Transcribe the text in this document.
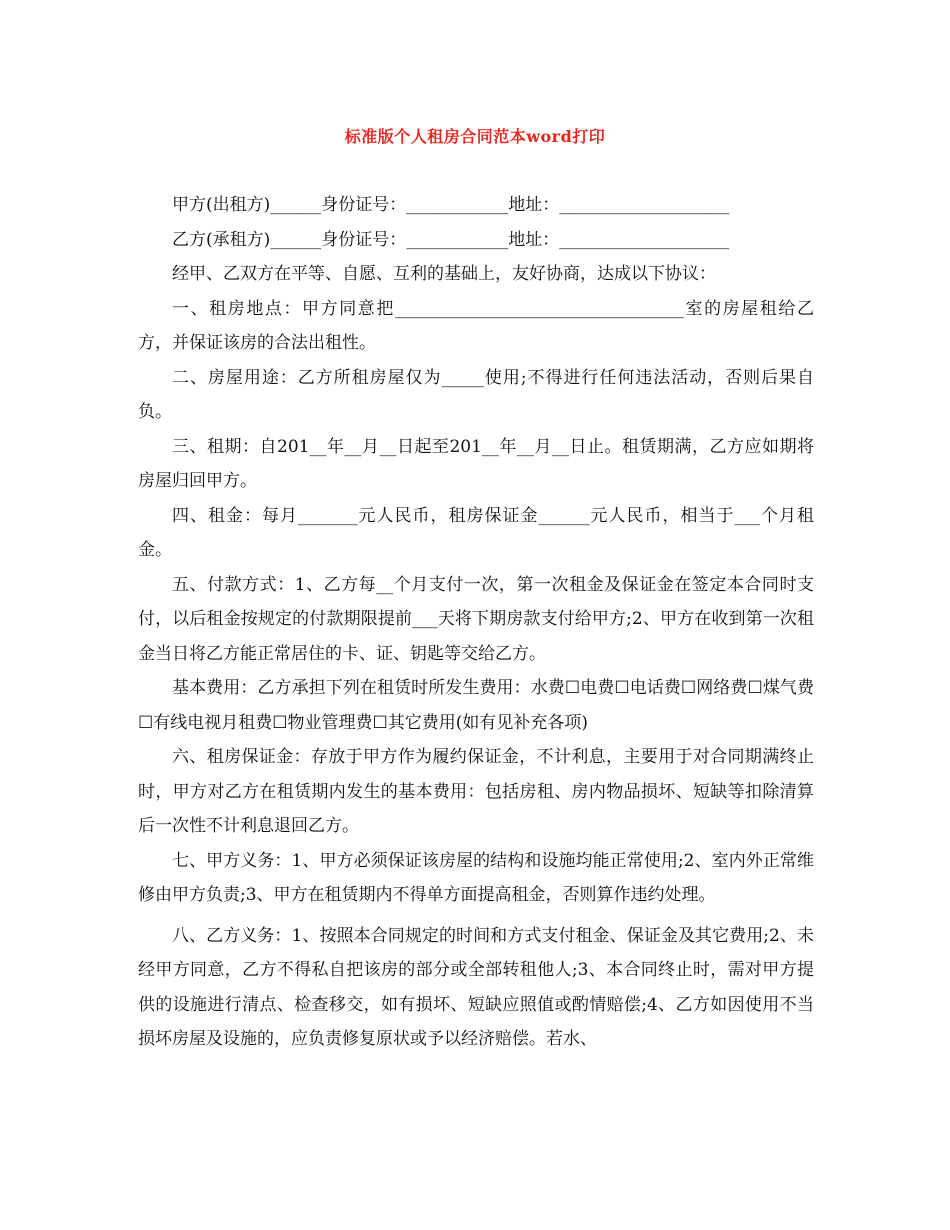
标准版个人租房合同范本word打印

甲方(出租方)______身份证号：____________地址：____________________

乙方(承租方)______身份证号：____________地址：____________________

经甲、乙双方在平等、自愿、互利的基础上，友好协商，达成以下协议：

一、租房地点：甲方同意把__________________________________室的房屋租给乙方，并保证该房的合法出租性。

二、房屋用途：乙方所租房屋仅为_____使用;不得进行任何违法活动，否则后果自负。

三、租期：自201__年__月__日起至201__年__月__日止。租赁期满，乙方应如期将房屋归回甲方。

四、租金：每月_______元人民币，租房保证金______元人民币，相当于___个月租金。

五、付款方式：1、乙方每__个月支付一次，第一次租金及保证金在签定本合同时支付，以后租金按规定的付款期限提前___天将下期房款支付给甲方;2、甲方在收到第一次租金当日将乙方能正常居住的卡、证、钥匙等交给乙方。

基本费用：乙方承担下列在租赁时所发生费用：水费☐电费☐电话费☐网络费☐煤气费☐有线电视月租费☐物业管理费☐其它费用(如有见补充各项)

六、租房保证金：存放于甲方作为履约保证金，不计利息，主要用于对合同期满终止时，甲方对乙方在租赁期内发生的基本费用：包括房租、房内物品损坏、短缺等扣除清算后一次性不计利息退回乙方。

七、甲方义务：1、甲方必须保证该房屋的结构和设施均能正常使用;2、室内外正常维修由甲方负责;3、甲方在租赁期内不得单方面提高租金，否则算作违约处理。

八、乙方义务：1、按照本合同规定的时间和方式支付租金、保证金及其它费用;2、未经甲方同意，乙方不得私自把该房的部分或全部转租他人;3、本合同终止时，需对甲方提供的设施进行清点、检查移交，如有损坏、短缺应照值或酌情赔偿;4、乙方如因使用不当损坏房屋及设施的，应负责修复原状或予以经济赔偿。若水、
